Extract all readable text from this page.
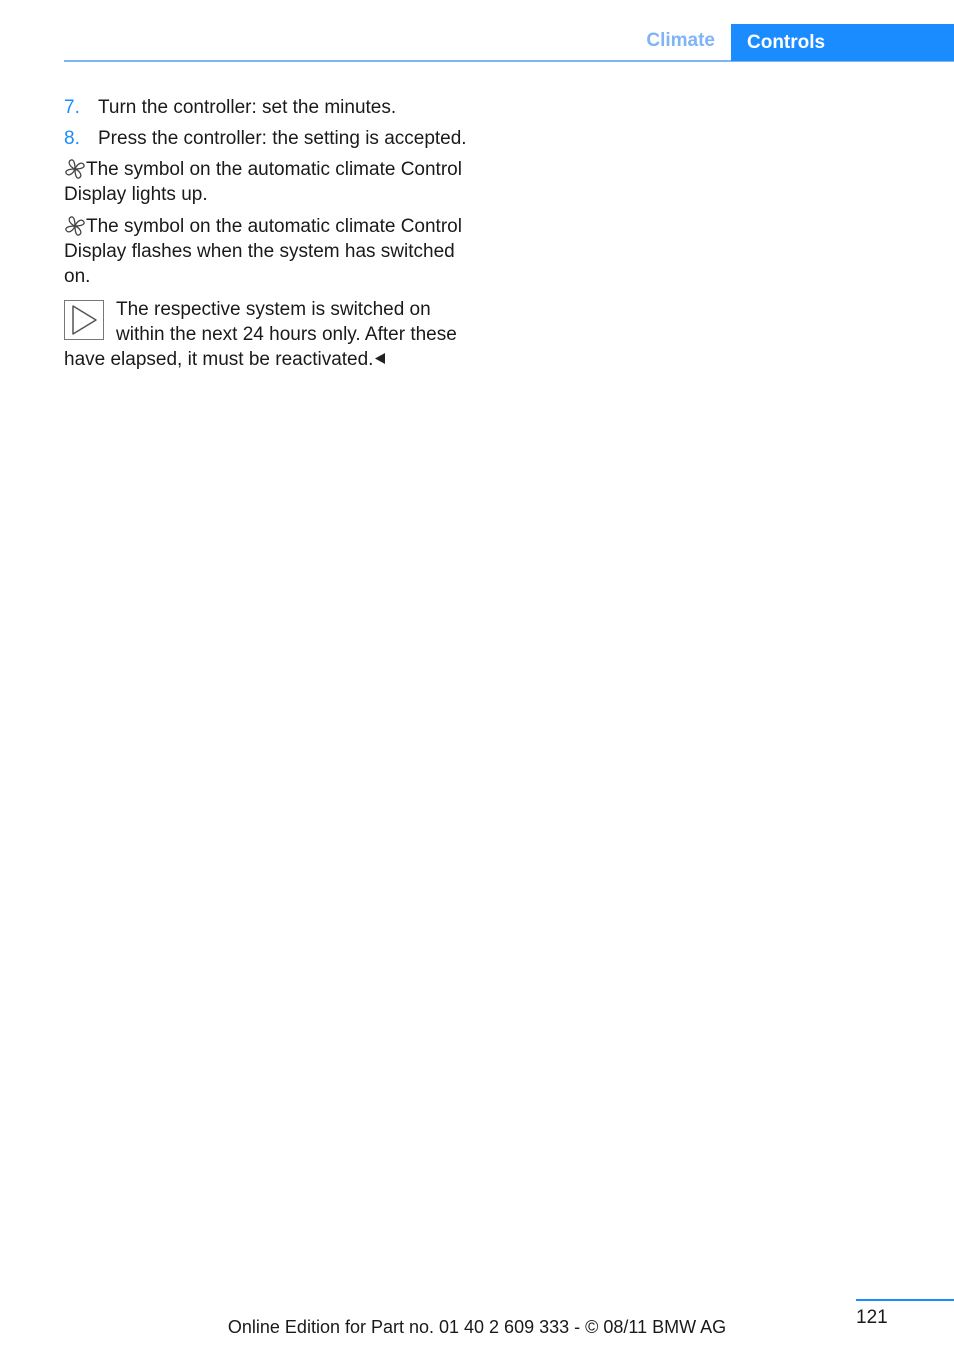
Climate	Controls
7. Turn the controller: set the minutes.
8. Press the controller: the setting is accepted.

The symbol on the automatic climate Control Display lights up.

The symbol on the automatic climate Control Display flashes when the system has switched on.

The respective system is switched on within the next 24 hours only. After these have elapsed, it must be reactivated.
121
Online Edition for Part no. 01 40 2 609 333 - © 08/11 BMW AG
